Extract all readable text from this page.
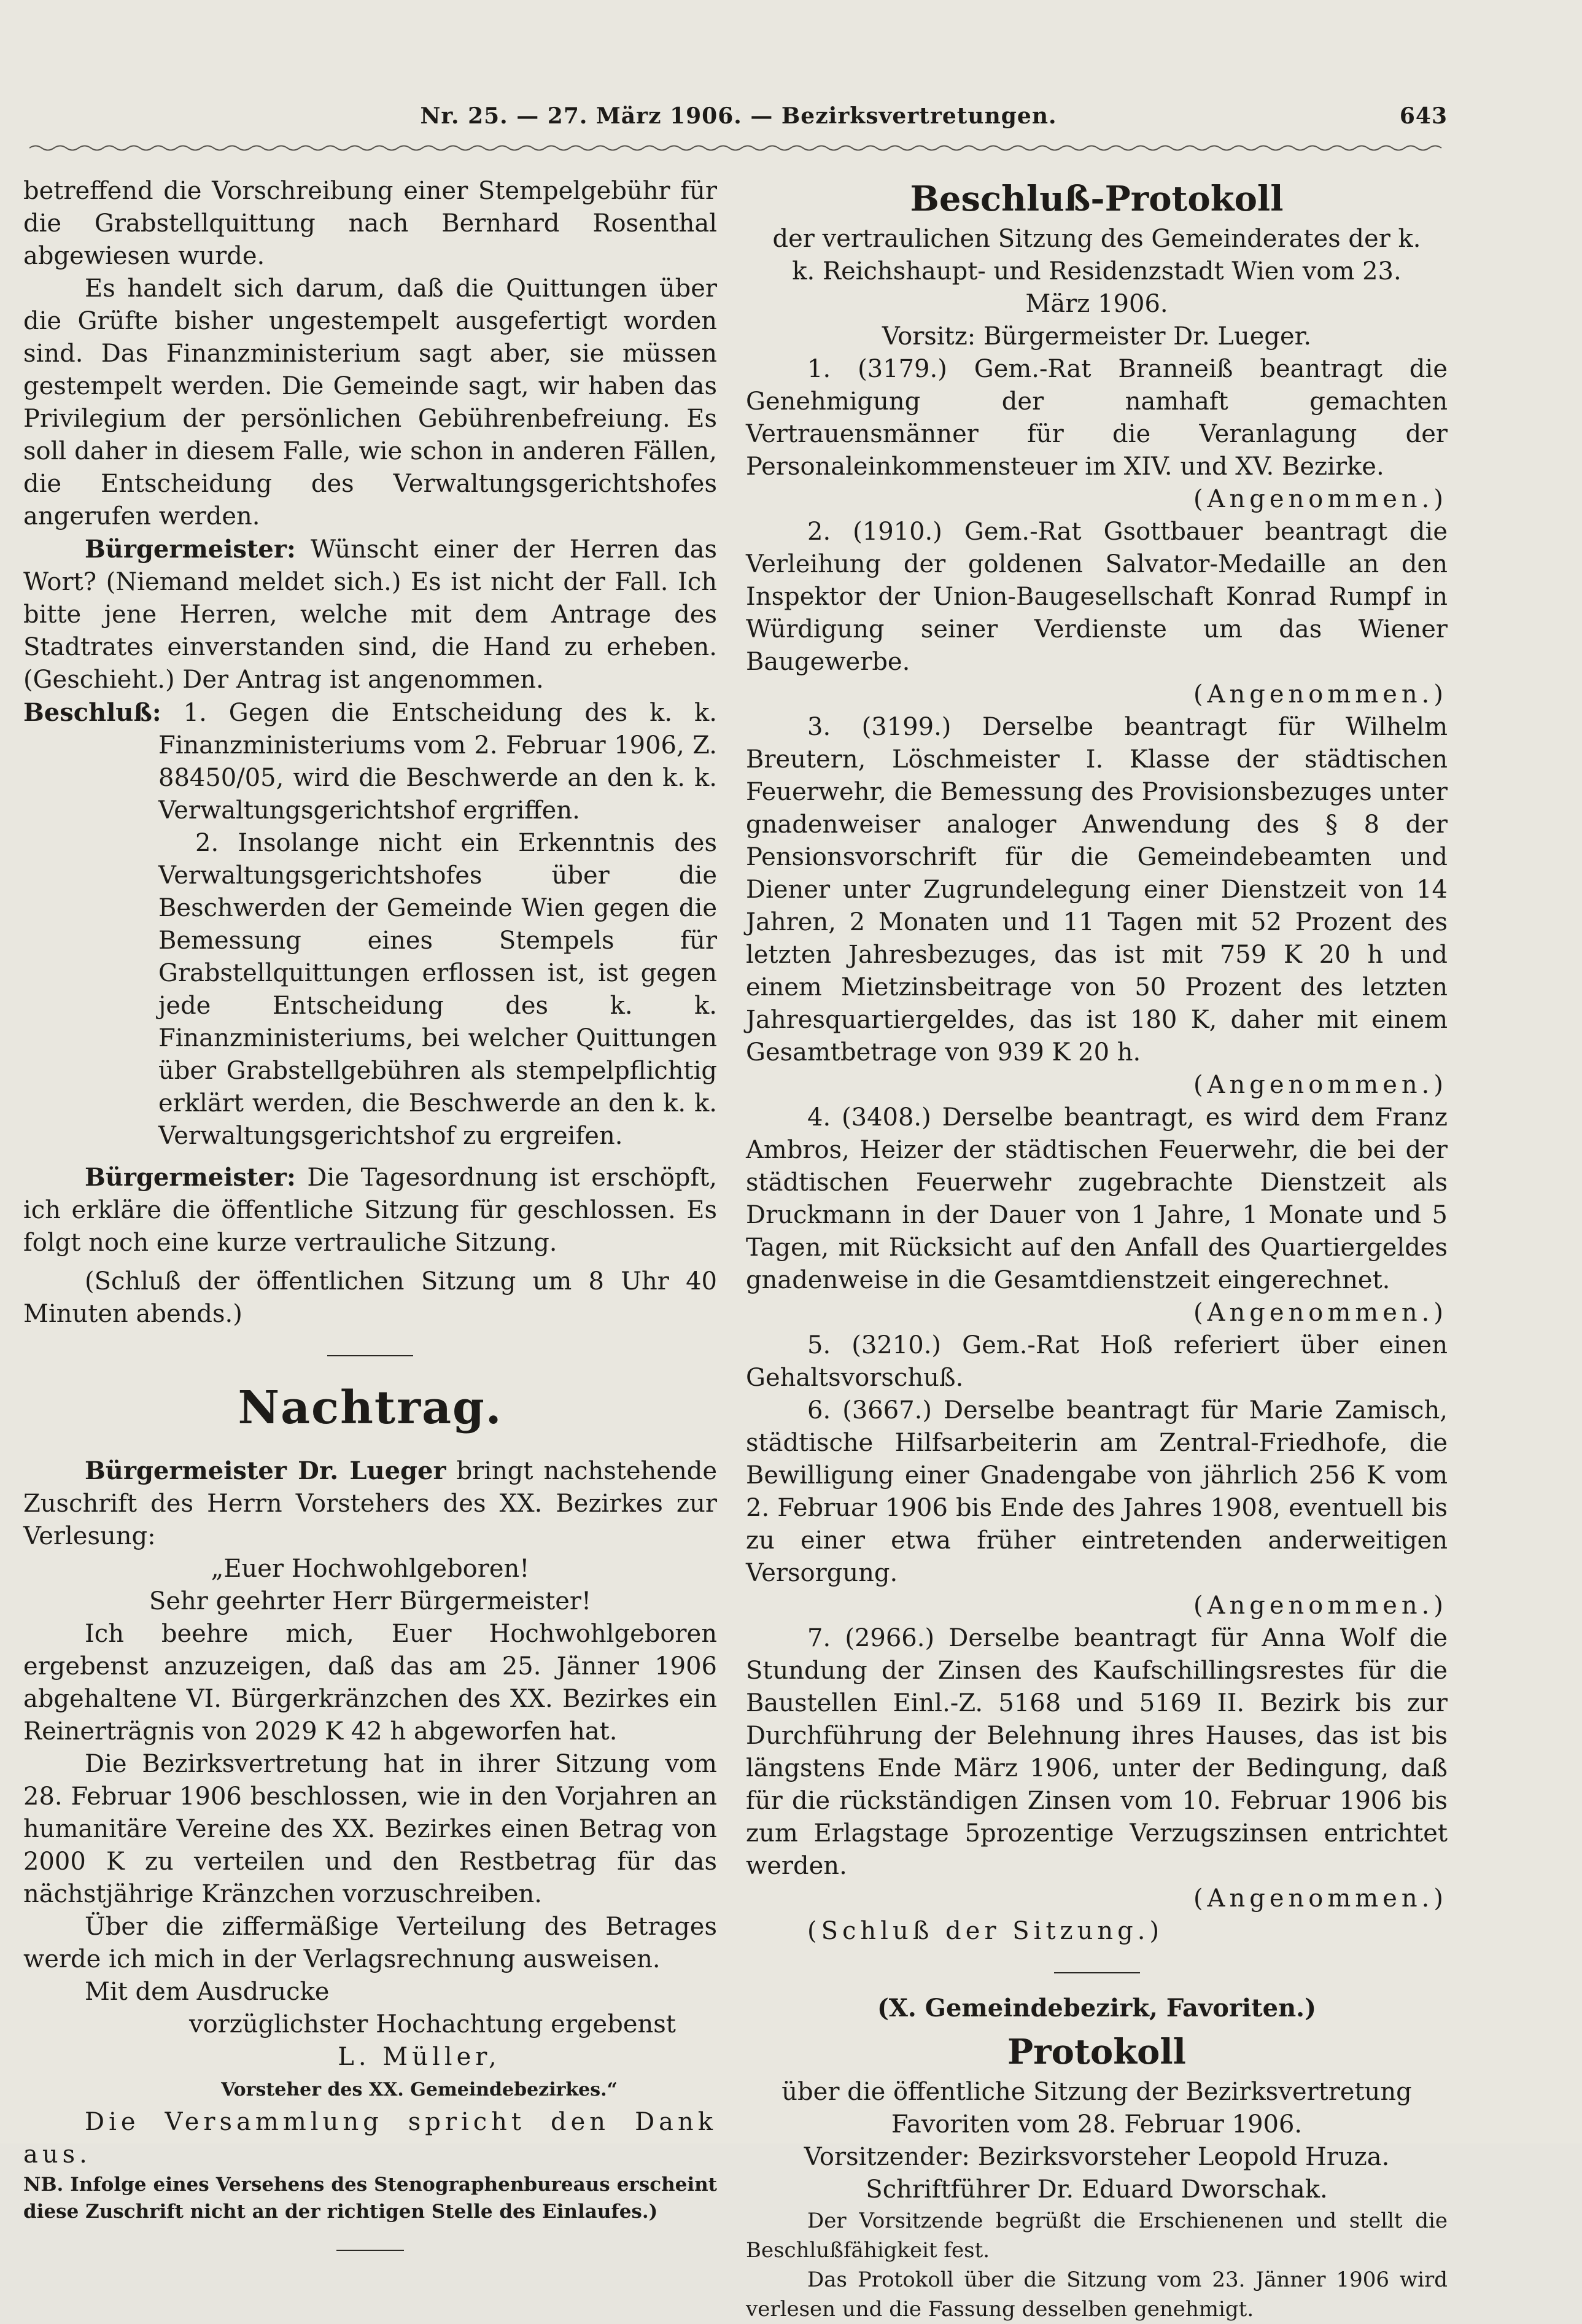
Nr. 25. — 27. März 1906. — Bezirksvertretungen.	643

betreffend die Vorschreibung einer Stempelgebühr für die Grabstellquittung nach Bernhard Rosenthal abgewiesen wurde.

Es handelt sich darum, daß die Quittungen über die Grüfte bisher ungestempelt ausgefertigt worden sind. Das Finanzministerium sagt aber, sie müssen gestempelt werden. Die Gemeinde sagt, wir haben das Privilegium der persönlichen Gebührenbefreiung. Es soll daher in diesem Falle, wie schon in anderen Fällen, die Entscheidung des Verwaltungsgerichtshofes angerufen werden.

Bürgermeister: Wünscht einer der Herren das Wort? (Niemand meldet sich.) Es ist nicht der Fall. Ich bitte jene Herren, welche mit dem Antrage des Stadtrates einverstanden sind, die Hand zu erheben. (Geschieht.) Der Antrag ist angenommen.

Beschluß: 1. Gegen die Entscheidung des k. k. Finanzministeriums vom 2. Februar 1906, Z. 88450/05, wird die Beschwerde an den k. k. Verwaltungsgerichtshof ergriffen.

2. Insolange nicht ein Erkenntnis des Verwaltungsgerichtshofes über die Beschwerden der Gemeinde Wien gegen die Bemessung eines Stempels für Grabstellquittungen erflossen ist, ist gegen jede Entscheidung des k. k. Finanzministeriums, bei welcher Quittungen über Grabstellgebühren als stempelpflichtig erklärt werden, die Beschwerde an den k. k. Verwaltungsgerichtshof zu ergreifen.

Bürgermeister: Die Tagesordnung ist erschöpft, ich erkläre die öffentliche Sitzung für geschlossen. Es folgt noch eine kurze vertrauliche Sitzung.

(Schluß der öffentlichen Sitzung um 8 Uhr 40 Minuten abends.)

Nachtrag.

Bürgermeister Dr. Lueger bringt nachstehende Zuschrift des Herrn Vorstehers des XX. Bezirkes zur Verlesung:

„Euer Hochwohlgeboren!

Sehr geehrter Herr Bürgermeister!

Ich beehre mich, Euer Hochwohlgeboren ergebenst anzuzeigen, daß das am 25. Jänner 1906 abgehaltene VI. Bürgerkränzchen des XX. Bezirkes ein Reinerträgnis von 2029 K 42 h abgeworfen hat.

Die Bezirksvertretung hat in ihrer Sitzung vom 28. Februar 1906 beschlossen, wie in den Vorjahren an humanitäre Vereine des XX. Bezirkes einen Betrag von 2000 K zu verteilen und den Restbetrag für das nächstjährige Kränzchen vorzuschreiben.

Über die ziffermäßige Verteilung des Betrages werde ich mich in der Verlagsrechnung ausweisen.

Mit dem Ausdrucke

vorzüglichster Hochachtung ergebenst

L. Müller,

Vorsteher des XX. Gemeindebezirkes.“

Die Versammlung spricht den Dank aus.

NB. Infolge eines Versehens des Stenographenbureaus erscheint diese Zuschrift nicht an der richtigen Stelle des Einlaufes.)

Beschluß-Protokoll

der vertraulichen Sitzung des Gemeinderates der k. k. Reichshaupt- und Residenzstadt Wien vom 23. März 1906.

Vorsitz: Bürgermeister Dr. Lueger.

1. (3179.) Gem.-Rat Branneiß beantragt die Genehmigung der namhaft gemachten Vertrauensmänner für die Veranlagung der Personaleinkommensteuer im XIV. und XV. Bezirke.

(Angenommen.)

2. (1910.) Gem.-Rat Gsottbauer beantragt die Verleihung der goldenen Salvator-Medaille an den Inspektor der Union-Baugesellschaft Konrad Rumpf in Würdigung seiner Verdienste um das Wiener Baugewerbe.

(Angenommen.)

3. (3199.) Derselbe beantragt für Wilhelm Breutern, Löschmeister I. Klasse der städtischen Feuerwehr, die Bemessung des Provisionsbezuges unter gnadenweiser analoger Anwendung des § 8 der Pensionsvorschrift für die Gemeindebeamten und Diener unter Zugrundelegung einer Dienstzeit von 14 Jahren, 2 Monaten und 11 Tagen mit 52 Prozent des letzten Jahresbezuges, das ist mit 759 K 20 h und einem Mietzinsbeitrage von 50 Prozent des letzten Jahresquartiergeldes, das ist 180 K, daher mit einem Gesamtbetrage von 939 K 20 h.

(Angenommen.)

4. (3408.) Derselbe beantragt, es wird dem Franz Ambros, Heizer der städtischen Feuerwehr, die bei der städtischen Feuerwehr zugebrachte Dienstzeit als Druckmann in der Dauer von 1 Jahre, 1 Monate und 5 Tagen, mit Rücksicht auf den Anfall des Quartiergeldes gnadenweise in die Gesamtdienstzeit eingerechnet.

(Angenommen.)

5. (3210.) Gem.-Rat Hoß referiert über einen Gehaltsvorschuß.

6. (3667.) Derselbe beantragt für Marie Zamisch, städtische Hilfsarbeiterin am Zentral-Friedhofe, die Bewilligung einer Gnadengabe von jährlich 256 K vom 2. Februar 1906 bis Ende des Jahres 1908, eventuell bis zu einer etwa früher eintretenden anderweitigen Versorgung.

(Angenommen.)

7. (2966.) Derselbe beantragt für Anna Wolf die Stundung der Zinsen des Kaufschillingsrestes für die Baustellen Einl.-Z. 5168 und 5169 II. Bezirk bis zur Durchführung der Belehnung ihres Hauses, das ist bis längstens Ende März 1906, unter der Bedingung, daß für die rückständigen Zinsen vom 10. Februar 1906 bis zum Erlagstage 5prozentige Verzugszinsen entrichtet werden.

(Angenommen.)

(Schluß der Sitzung.)

(X. Gemeindebezirk, Favoriten.)

Protokoll

über die öffentliche Sitzung der Bezirksvertretung Favoriten vom 28. Februar 1906.

Vorsitzender: Bezirksvorsteher Leopold Hruza.

Schriftführer Dr. Eduard Dworschak.

Der Vorsitzende begrüßt die Erschienenen und stellt die Beschlußfähigkeit fest.

Das Protokoll über die Sitzung vom 23. Jänner 1906 wird verlesen und die Fassung desselben genehmigt.
